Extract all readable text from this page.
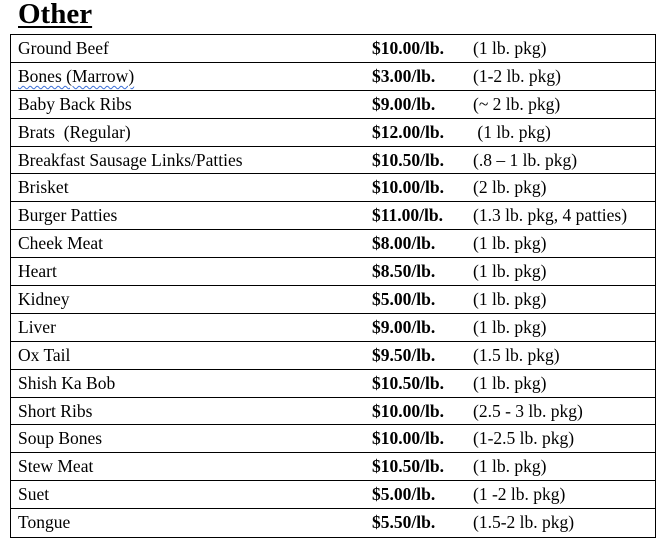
Other
Ground Beef	$10.00/lb. (1 lb. pkg)
Bones (Marrow)	$3.00/lb. (1-2 lb. pkg)
Baby Back Ribs	$9.00/lb. (~ 2 lb. pkg)
Brats  (Regular)	$12.00/lb. (1 lb. pkg)
Breakfast Sausage Links/Patties	$10.50/lb. (.8 – 1 lb. pkg)
Brisket	$10.00/lb. (2 lb. pkg)
Burger Patties	$11.00/lb. (1.3 lb. pkg, 4 patties)
Cheek Meat	$8.00/lb. (1 lb. pkg)
Heart	$8.50/lb. (1 lb. pkg)
Kidney	$5.00/lb. (1 lb. pkg)
Liver	$9.00/lb. (1 lb. pkg)
Ox Tail	$9.50/lb. (1.5 lb. pkg)
Shish Ka Bob	$10.50/lb. (1 lb. pkg)
Short Ribs	$10.00/lb. (2.5 - 3 lb. pkg)
Soup Bones	$10.00/lb. (1-2.5 lb. pkg)
Stew Meat	$10.50/lb. (1 lb. pkg)
Suet	$5.00/lb. (1 -2 lb. pkg)
Tongue	$5.50/lb. (1.5-2 lb. pkg)
